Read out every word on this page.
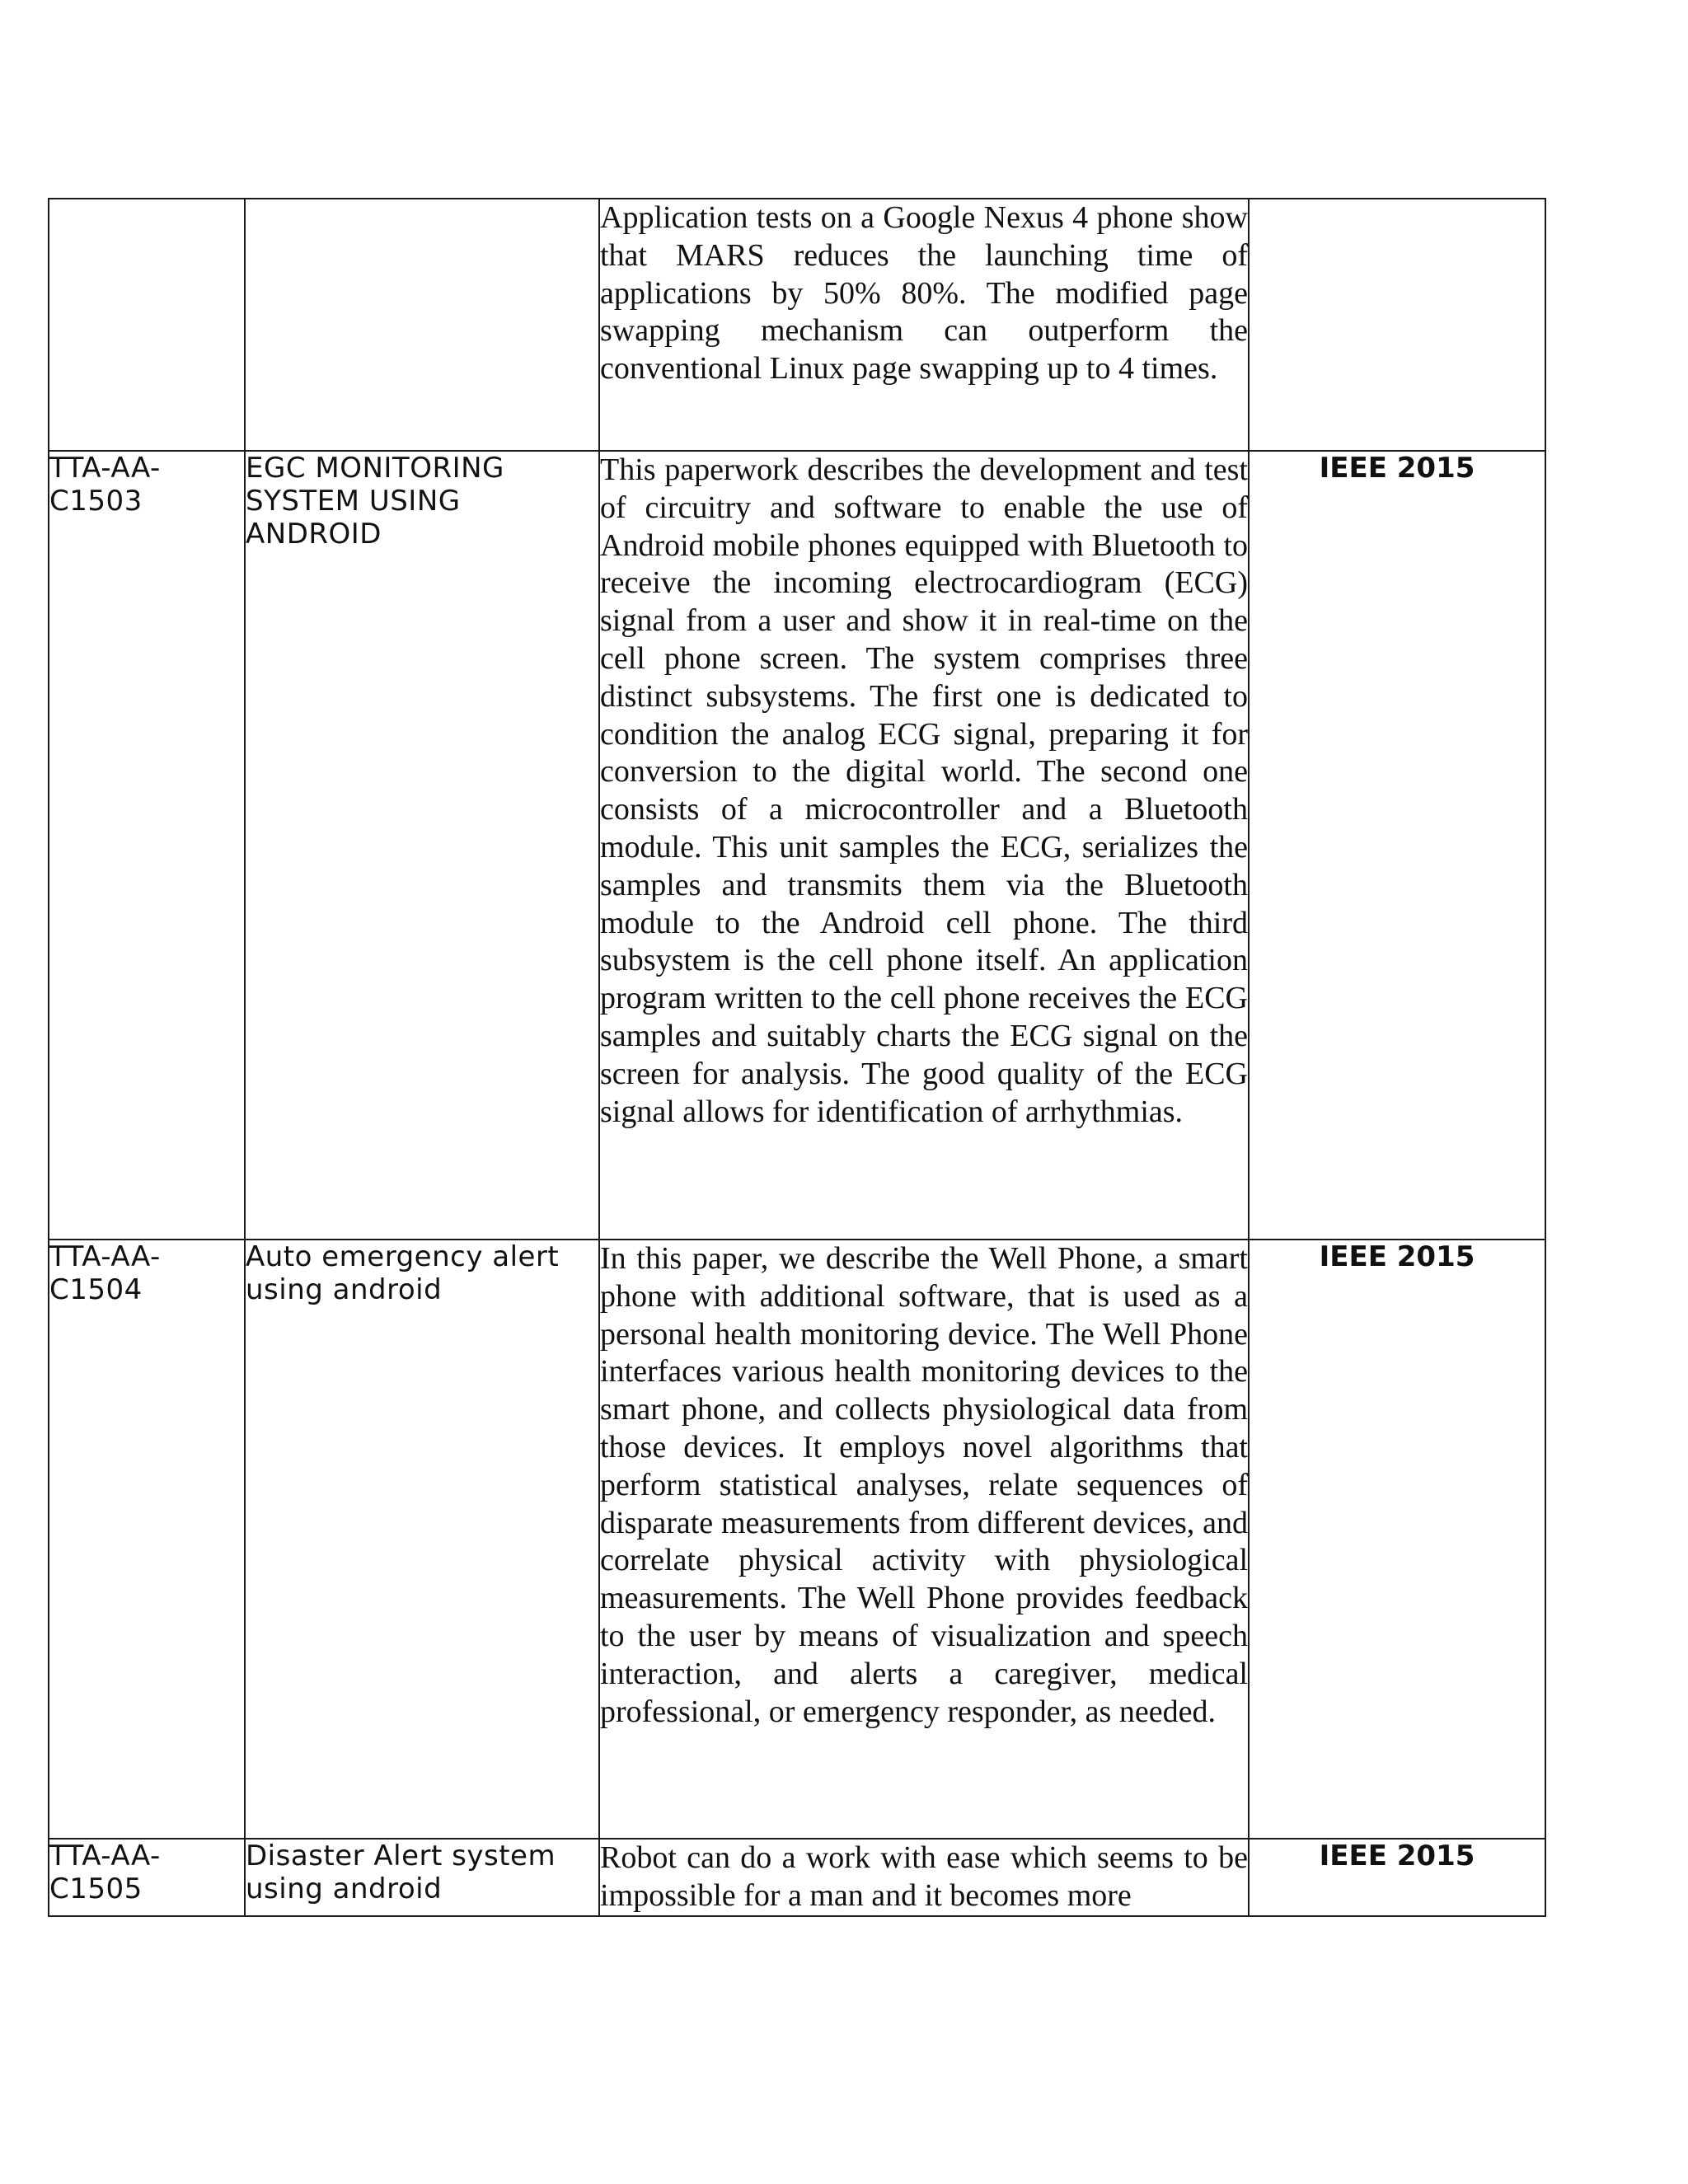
		Application tests on a Google Nexus 4 phone show that MARS reduces the launching time of applications by 50% 80%. The modified page swapping mechanism can outperform the conventional Linux page swapping up to 4 times.	
TTA-AA-C1503	EGC MONITORING SYSTEM USING ANDROID	This paperwork describes the development and test of circuitry and software to enable the use of Android mobile phones equipped with Bluetooth to receive the incoming electrocardiogram (ECG) signal from a user and show it in real-time on the cell phone screen. The system comprises three distinct subsystems. The first one is dedicated to condition the analog ECG signal, preparing it for conversion to the digital world. The second one consists of a microcontroller and a Bluetooth module. This unit samples the ECG, serializes the samples and transmits them via the Bluetooth module to the Android cell phone. The third subsystem is the cell phone itself. An application program written to the cell phone receives the ECG samples and suitably charts the ECG signal on the screen for analysis. The good quality of the ECG signal allows for identification of arrhythmias.	IEEE 2015
TTA-AA-C1504	Auto emergency alert using android	In this paper, we describe the Well Phone, a smart phone with additional software, that is used as a personal health monitoring device. The Well Phone interfaces various health monitoring devices to the smart phone, and collects physiological data from those devices. It employs novel algorithms that perform statistical analyses, relate sequences of disparate measurements from different devices, and correlate physical activity with physiological measurements. The Well Phone provides feedback to the user by means of visualization and speech interaction, and alerts a caregiver, medical professional, or emergency responder, as needed.	IEEE 2015
TTA-AA-C1505	Disaster Alert system using android	Robot can do a work with ease which seems to be impossible for a man and it becomes more	IEEE 2015
